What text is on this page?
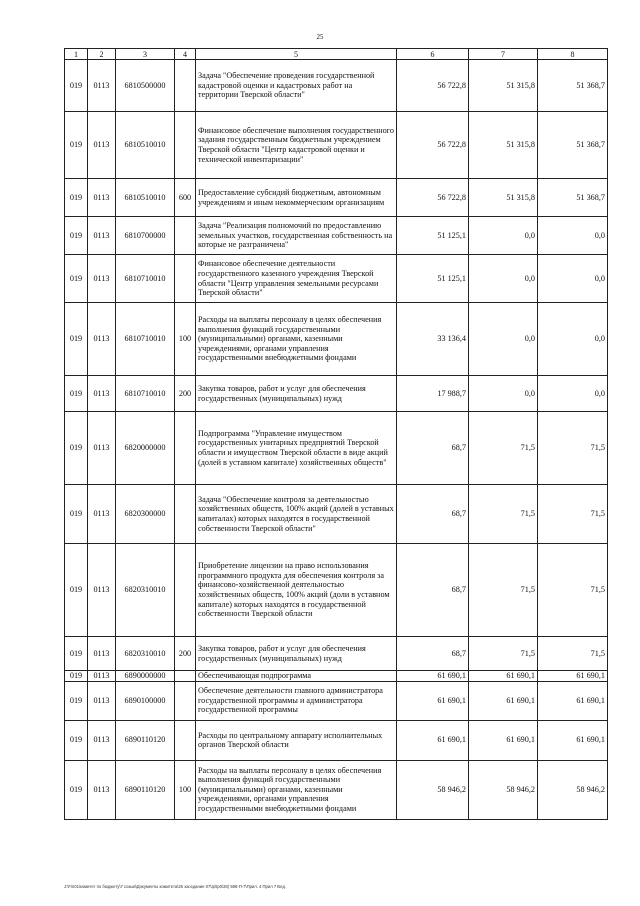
25
1	2	3	4	5	6	7	8
019	0113	6810500000		Задача "Обеспечение проведения государственной кадастровой оценки и кадастровых работ на территории Тверской области"	56 722,8	51 315,8	51 368,7
019	0113	6810510010		Финансовое обеспечение выполнения государственного задания государственным бюджетным учреждением Тверской области "Центр кадастровой оценки и технической инвентаризации"	56 722,8	51 315,8	51 368,7
019	0113	6810510010	600	Предоставление субсидий бюджетным, автономным учреждениям и иным некоммерческим организациям	56 722,8	51 315,8	51 368,7
019	0113	6810700000		Задача "Реализация полномочий по предоставлению земельных участков, государственная собственность на которые не разграничена"	51 125,1	0,0	0,0
019	0113	6810710010		Финансовое обеспечение деятельности государственного казенного учреждения Тверской области "Центр управления земельными ресурсами Тверской области"	51 125,1	0,0	0,0
019	0113	6810710010	100	Расходы на выплаты персоналу в целях обеспечения выполнения функций государственными (муниципальными) органами, казенными учреждениями, органами управления государственными внебюджетными фондами	33 136,4	0,0	0,0
019	0113	6810710010	200	Закупка товаров, работ и услуг для обеспечения государственных (муниципальных) нужд	17 988,7	0,0	0,0
019	0113	6820000000		Подпрограмма "Управление имуществом государственных унитарных предприятий Тверской области и имуществом Тверской области в виде акций (долей в уставном капитале) хозяйственных обществ"	68,7	71,5	71,5
019	0113	6820300000		Задача "Обеспечение контроля за деятельностью хозяйственных обществ, 100% акций (долей в уставных капиталах) которых находятся в государственной собственности Тверской области"	68,7	71,5	71,5
019	0113	6820310010		Приобретение лицензии на право использования программного продукта для обеспечения контроля за финансово-хозяйственной деятельностью хозяйственных обществ, 100% акций (доли в уставном капитале) которых находятся в государственной собственности Тверской области	68,7	71,5	71,5
019	0113	6820310010	200	Закупка товаров, работ и услуг для обеспечения государственных (муниципальных) нужд	68,7	71,5	71,5
019	0113	6890000000		Обеспечивающая подпрограмма	61 690,1	61 690,1	61 690,1
019	0113	6890100000		Обеспечение деятельности главного администратора государственной программы и администратора государственной программы	61 690,1	61 690,1	61 690,1
019	0113	6890110120		Расходы по центральному аппарату исполнительных органов Тверской области	61 690,1	61 690,1	61 690,1
019	0113	6890110120	100	Расходы на выплаты персоналу в целях обеспечения выполнения функций государственными (муниципальными) органами, казенными учреждениями, органами управления государственными внебюджетными фондами	58 946,2	58 946,2	58 946,2
J:\Fin01\комитет по бюджету\7 созыв\Документы комитета\26 заседание 07\Ip\Ip0\28) 596-П-7\Прил. 4 Прил 7 Вед.
